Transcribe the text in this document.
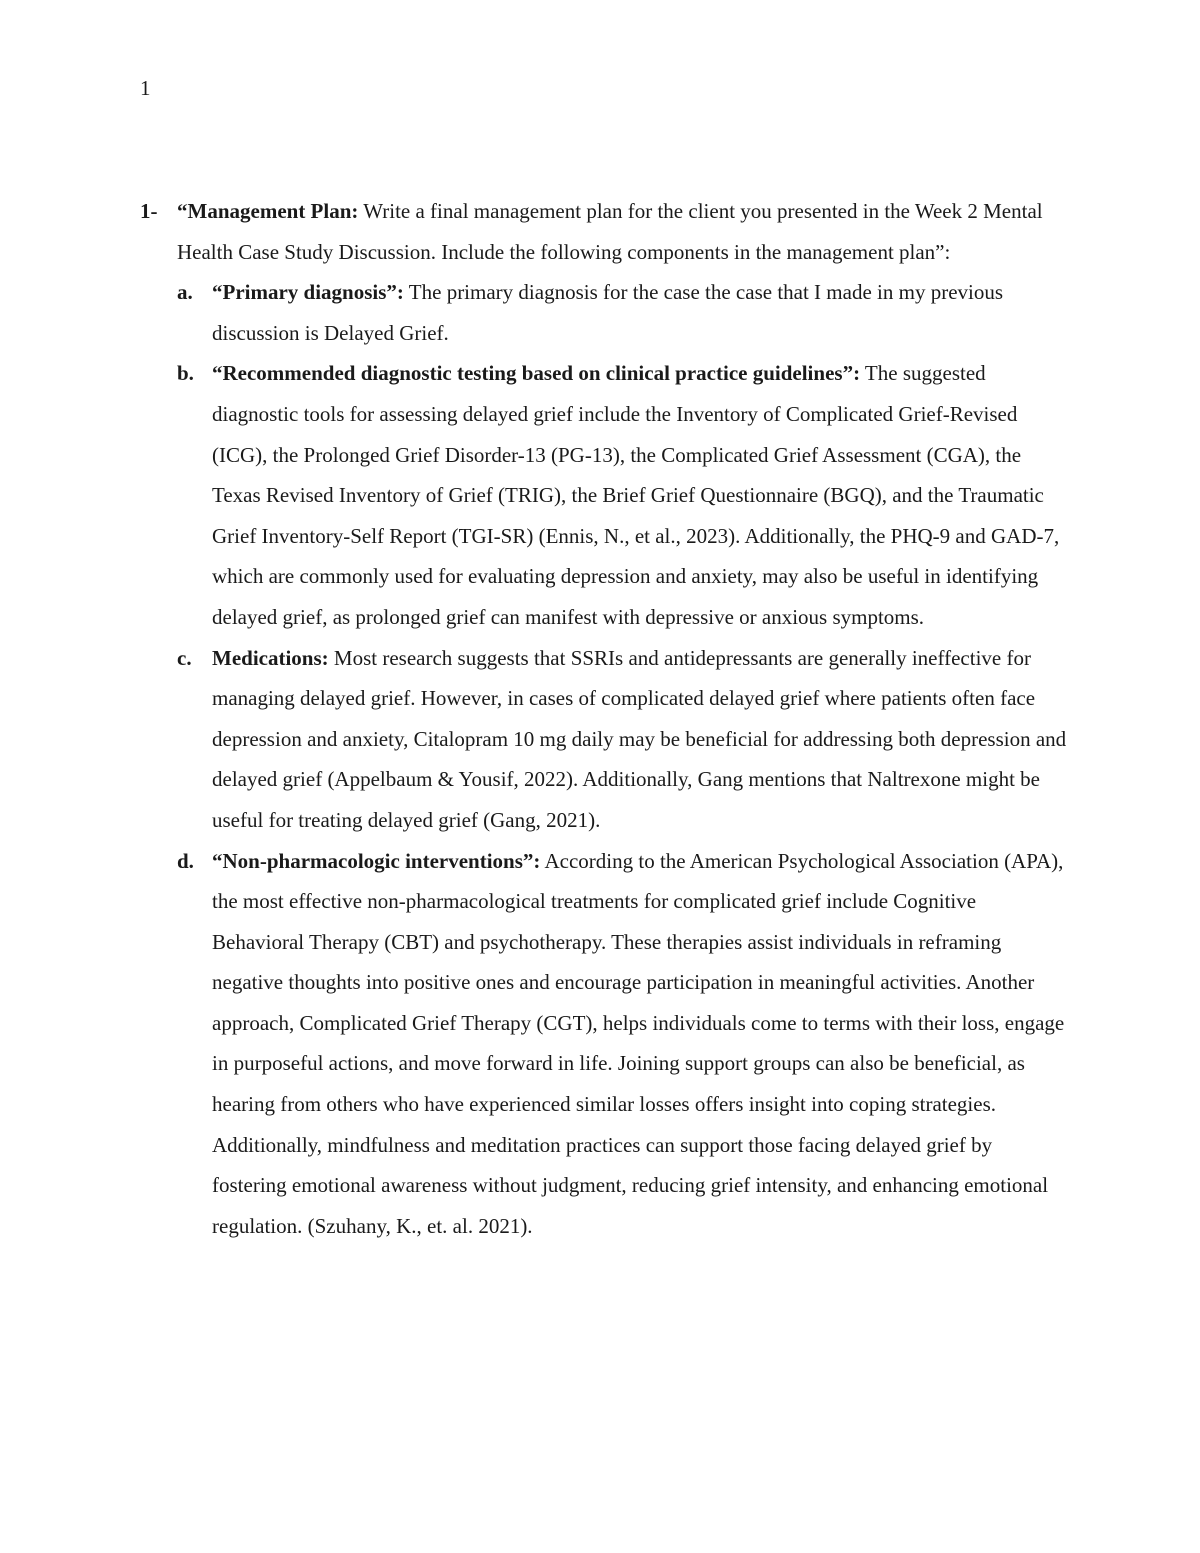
1
1- “Management Plan: Write a final management plan for the client you presented in the Week 2 Mental Health Case Study Discussion. Include the following components in the management plan”:
a. “Primary diagnosis”: The primary diagnosis for the case the case that I made in my previous discussion is Delayed Grief.
b. “Recommended diagnostic testing based on clinical practice guidelines”: The suggested diagnostic tools for assessing delayed grief include the Inventory of Complicated Grief-Revised (ICG), the Prolonged Grief Disorder-13 (PG-13), the Complicated Grief Assessment (CGA), the Texas Revised Inventory of Grief (TRIG), the Brief Grief Questionnaire (BGQ), and the Traumatic Grief Inventory-Self Report (TGI-SR) (Ennis, N., et al., 2023). Additionally, the PHQ-9 and GAD-7, which are commonly used for evaluating depression and anxiety, may also be useful in identifying delayed grief, as prolonged grief can manifest with depressive or anxious symptoms.
c. Medications: Most research suggests that SSRIs and antidepressants are generally ineffective for managing delayed grief. However, in cases of complicated delayed grief where patients often face depression and anxiety, Citalopram 10 mg daily may be beneficial for addressing both depression and delayed grief (Appelbaum & Yousif, 2022). Additionally, Gang mentions that Naltrexone might be useful for treating delayed grief (Gang, 2021).
d. “Non-pharmacologic interventions”: According to the American Psychological Association (APA), the most effective non-pharmacological treatments for complicated grief include Cognitive Behavioral Therapy (CBT) and psychotherapy. These therapies assist individuals in reframing negative thoughts into positive ones and encourage participation in meaningful activities. Another approach, Complicated Grief Therapy (CGT), helps individuals come to terms with their loss, engage in purposeful actions, and move forward in life. Joining support groups can also be beneficial, as hearing from others who have experienced similar losses offers insight into coping strategies. Additionally, mindfulness and meditation practices can support those facing delayed grief by fostering emotional awareness without judgment, reducing grief intensity, and enhancing emotional regulation. (Szuhany, K., et. al. 2021).
